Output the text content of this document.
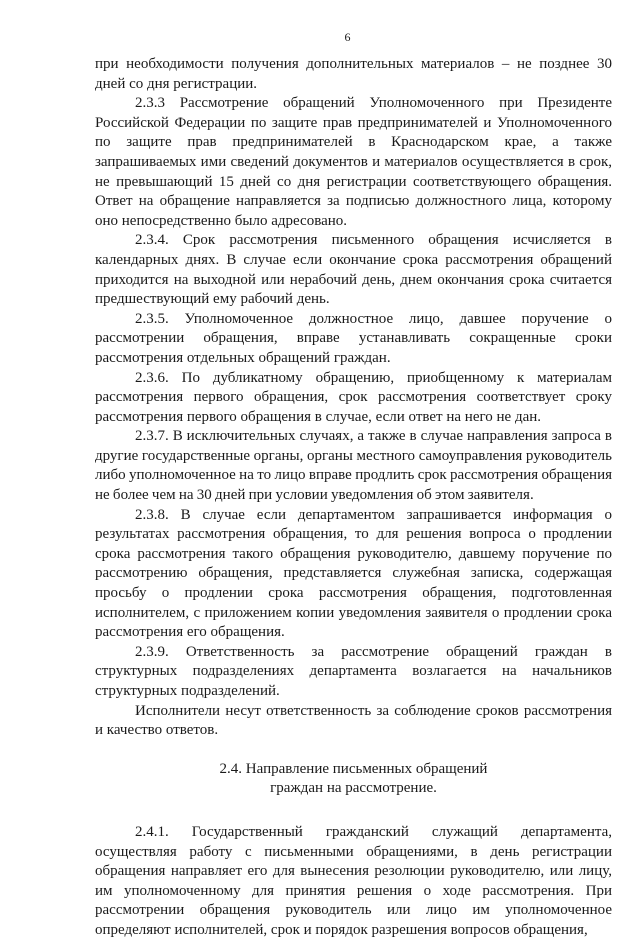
6

при необходимости получения дополнительных материалов – не позднее 30 дней со дня регистрации.

2.3.3 Рассмотрение обращений Уполномоченного при Президенте Российской Федерации по защите прав предпринимателей и Уполномоченного по защите прав предпринимателей в Краснодарском крае, а также запрашиваемых ими сведений документов и материалов осуществляется в срок, не превышающий 15 дней со дня регистрации соответствующего обращения. Ответ на обращение направляется за подписью должностного лица, которому оно непосредственно было адресовано.

2.3.4. Срок рассмотрения письменного обращения исчисляется в календарных днях. В случае если окончание срока рассмотрения обращений приходится на выходной или нерабочий день, днем окончания срока считается предшествующий ему рабочий день.

2.3.5. Уполномоченное должностное лицо, давшее поручение о рассмотрении обращения, вправе устанавливать сокращенные сроки рассмотрения отдельных обращений граждан.

2.3.6. По дубликатному обращению, приобщенному к материалам рассмотрения первого обращения, срок рассмотрения соответствует сроку рассмотрения первого обращения в случае, если ответ на него не дан.

2.3.7. В исключительных случаях, а также в случае направления запроса в другие государственные органы, органы местного самоуправления руководитель либо уполномоченное на то лицо вправе продлить срок рассмотрения обращения не более чем на 30 дней при условии уведомления об этом заявителя.

2.3.8. В случае если департаментом запрашивается информация о результатах рассмотрения обращения, то для решения вопроса о продлении срока рассмотрения такого обращения руководителю, давшему поручение по рассмотрению обращения, представляется служебная записка, содержащая просьбу о продлении срока рассмотрения обращения, подготовленная исполнителем, с приложением копии уведомления заявителя о продлении срока рассмотрения его обращения.

2.3.9. Ответственность за рассмотрение обращений граждан в структурных подразделениях департамента возлагается на начальников структурных подразделений.

Исполнители несут ответственность за соблюдение сроков рассмотрения и качество ответов.

2.4. Направление письменных обращений
граждан на рассмотрение.

2.4.1. Государственный гражданский служащий департамента, осуществляя работу с письменными обращениями, в день регистрации обращения направляет его для вынесения резолюции руководителю, или лицу, им уполномоченному для принятия решения о ходе рассмотрения. При рассмотрении обращения руководитель или лицо им уполномоченное определяют исполнителей, срок и порядок разрешения вопросов обращения,
